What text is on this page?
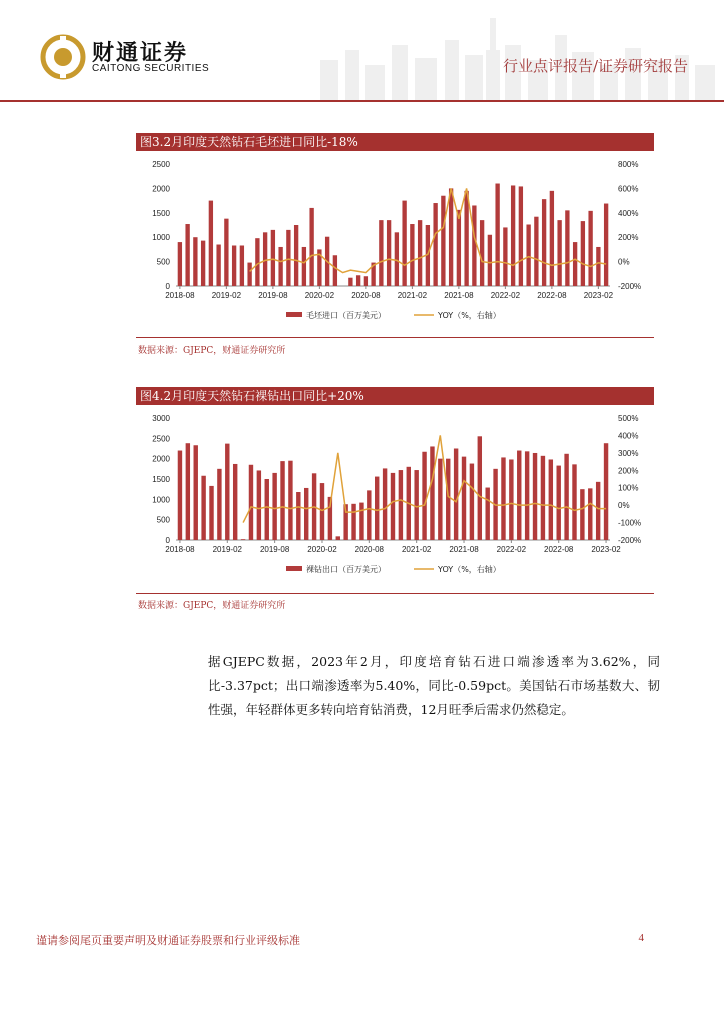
财通证券
CAITONG SECURITIES	行业点评报告/证券研究报告
图3.2月印度天然钻石毛坯进口同比-18%
0
500
1000
1500
2000
2500
-200%
0%
200%
400%
600%
800%
2018-08 2019-02 2019-08 2020-02 2020-08 2021-02 2021-08 2022-02 2022-08 2023-02
毛坯进口（百万美元）	YOY（%，右轴）
数据来源：GJEPC，财通证券研究所
图4.2月印度天然钻石裸钻出口同比+20%
0
500
1000
1500
2000
2500
3000
-200%
-100%
0%
100%
200%
300%
400%
500%
2018-08 2019-02 2019-08 2020-02 2020-08 2021-02 2021-08 2022-02 2022-08 2023-02
裸钻出口（百万美元）	YOY（%，右轴）
数据来源：GJEPC，财通证券研究所
据GJEPC数据，2023年2月，印度培育钻石进口端渗透率为3.62%，同比-3.37pct；出口端渗透率为5.40%，同比-0.59pct。美国钻石市场基数大、韧性强，年轻群体更多转向培育钻消费，12月旺季后需求仍然稳定。
谨请参阅尾页重要声明及财通证券股票和行业评级标准	4
